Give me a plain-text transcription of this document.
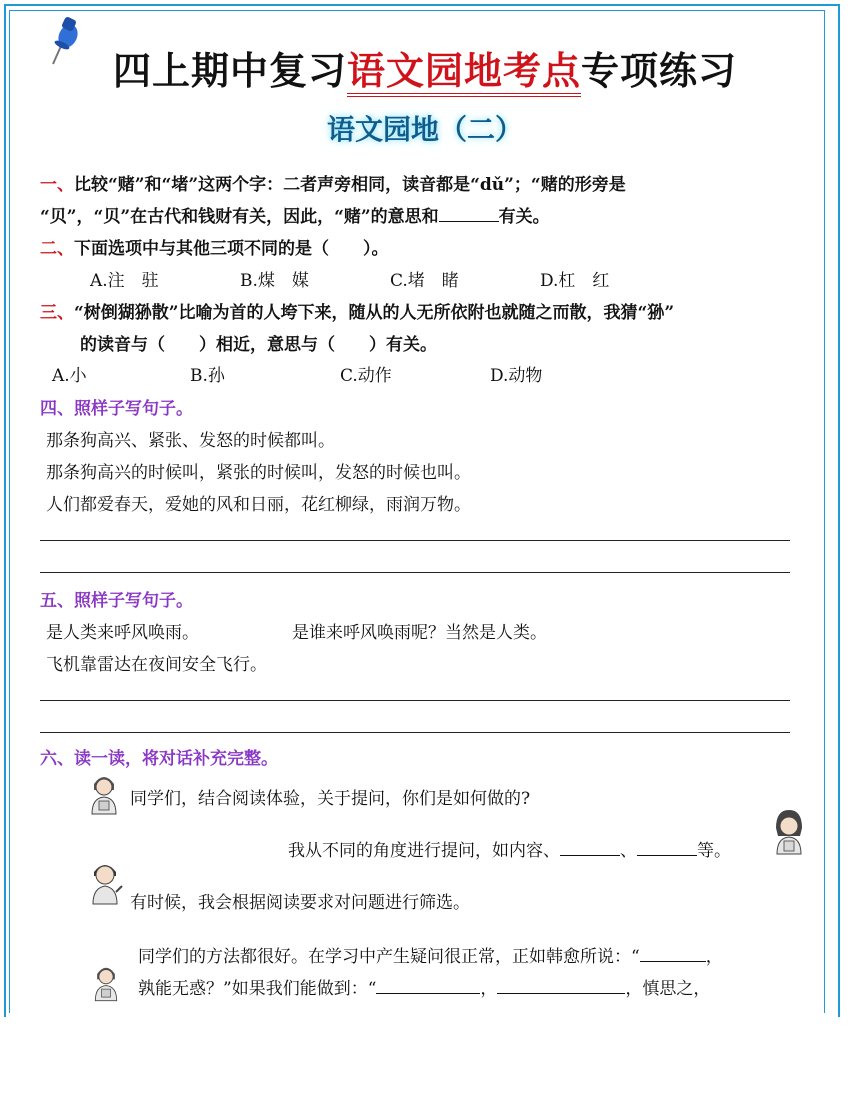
四上期中复习语文园地考点专项练习
语文园地（二）
一、比较“赌”和“堵”这两个字：二者声旁相同，读音都是“dǔ”；“赌的形旁是
“贝”，“贝”在古代和钱财有关，因此，“赌”的意思和	有关。
二、下面选项中与其他三项不同的是（　　）。
A.注　驻	B.煤　媒	C.堵　睹	D.杠　红
三、“树倒猢狲散”比喻为首的人垮下来，随从的人无所依附也就随之而散，我猜“狲”
的读音与（　　）相近，意思与（　　）有关。
A.小	B.孙	C.动作	D.动物
四、照样子写句子。
那条狗高兴、紧张、发怒的时候都叫。
那条狗高兴的时候叫，紧张的时候叫，发怒的时候也叫。
人们都爱春天，爱她的风和日丽，花红柳绿，雨润万物。
五、照样子写句子。
是人类来呼风唤雨。	是谁来呼风唤雨呢？当然是人类。
飞机靠雷达在夜间安全飞行。
六、读一读，将对话补充完整。
同学们，结合阅读体验，关于提问，你们是如何做的?
我从不同的角度进行提问，如内容、	、	等。
有时候，我会根据阅读要求对问题进行筛选。
同学们的方法都很好。在学习中产生疑问很正常，正如韩愈所说：“	，
孰能无惑？”如果我们能做到：“	，	，慎思之，
